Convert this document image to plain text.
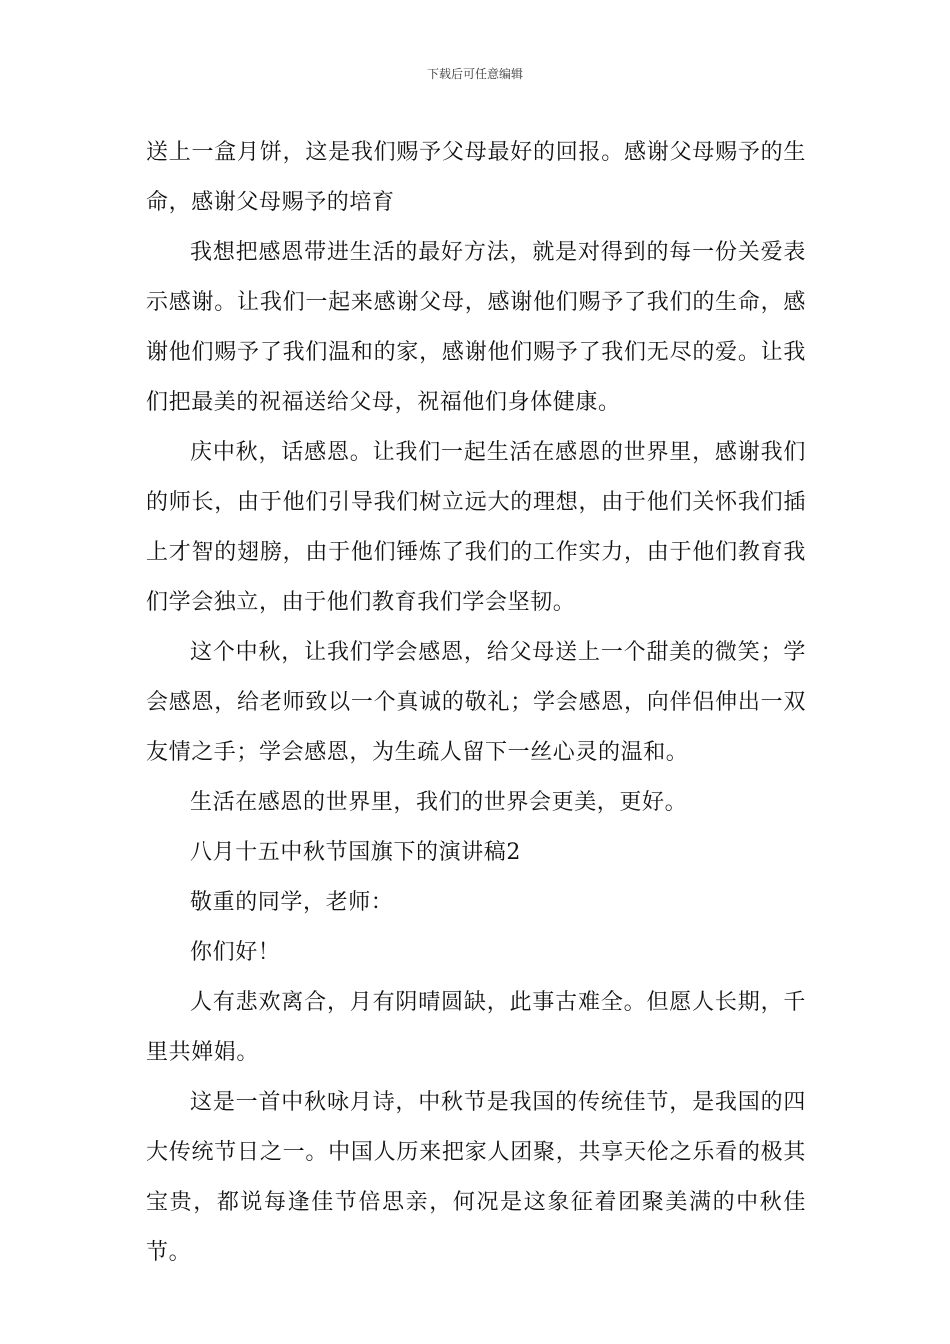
下载后可任意编辑

送上一盒月饼，这是我们赐予父母最好的回报。感谢父母赐予的生命，感谢父母赐予的培育

我想把感恩带进生活的最好方法，就是对得到的每一份关爱表示感谢。让我们一起来感谢父母，感谢他们赐予了我们的生命，感谢他们赐予了我们温和的家，感谢他们赐予了我们无尽的爱。让我们把最美的祝福送给父母，祝福他们身体健康。

庆中秋，话感恩。让我们一起生活在感恩的世界里，感谢我们的师长，由于他们引导我们树立远大的理想，由于他们关怀我们插上才智的翅膀，由于他们锤炼了我们的工作实力，由于他们教育我们学会独立，由于他们教育我们学会坚韧。

这个中秋，让我们学会感恩，给父母送上一个甜美的微笑；学会感恩，给老师致以一个真诚的敬礼；学会感恩，向伴侣伸出一双友情之手；学会感恩，为生疏人留下一丝心灵的温和。

生活在感恩的世界里，我们的世界会更美，更好。

八月十五中秋节国旗下的演讲稿2

敬重的同学，老师：

你们好！

人有悲欢离合，月有阴晴圆缺，此事古难全。但愿人长期，千里共婵娟。

这是一首中秋咏月诗，中秋节是我国的传统佳节，是我国的四大传统节日之一。中国人历来把家人团聚，共享天伦之乐看的极其宝贵，都说每逢佳节倍思亲，何况是这象征着团聚美满的中秋佳节。
